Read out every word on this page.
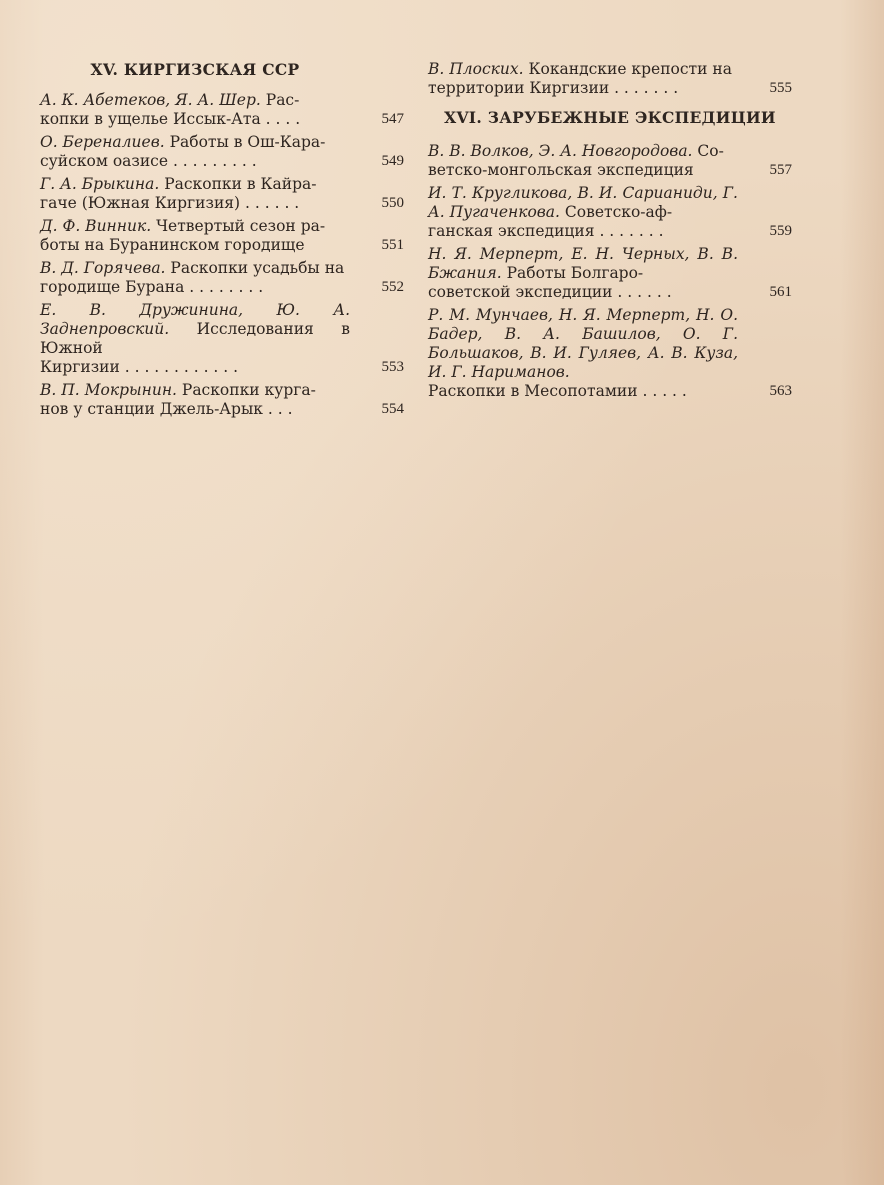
XV. КИРГИЗСКАЯ ССР
А. К. Абетеков, Я. А. Шер. Рас-
копки в ущелье Иссык-Ата . . . .	547
О. Береналиев. Работы в Ош-Кара-
суйском оазисе . . . . . . . . .	549
Г. А. Брыкина. Раскопки в Кайра-
гаче (Южная Киргизия) . . . . . .	550
Д. Ф. Винник. Четвертый сезон ра-
боты на Буранинском городище	551
В. Д. Горячева. Раскопки усадьбы на
городище Бурана . . . . . . . .	552
Е. В. Дружинина, Ю. А. Заднепровский. Исследования в Южной
Киргизии . . . . . . . . . . . .	553
В. П. Мокрынин. Раскопки курга-
нов у станции Джель-Арык . . .	554
В. Плоских. Кокандские крепости на
территории Киргизии . . . . . . .	555
XVI. ЗАРУБЕЖНЫЕ ЭКСПЕДИЦИИ
В. В. Волков, Э. А. Новгородова. Со-
ветско-монгольская экспедиция	557
И. Т. Кругликова, В. И. Сарианиди, Г. А. Пугаченкова. Советско-аф-
ганская экспедиция . . . . . . .	559
Н. Я. Мерперт, Е. Н. Черных, В. В. Бжания. Работы Болгаро-
советской экспедиции . . . . . .	561
Р. М. Мунчаев, Н. Я. Мерперт, Н. О. Бадер, В. А. Башилов, О. Г. Большаков, В. И. Гуляев, А. В. Куза, И. Г. Нариманов.
Раскопки в Месопотамии . . . . .	563
